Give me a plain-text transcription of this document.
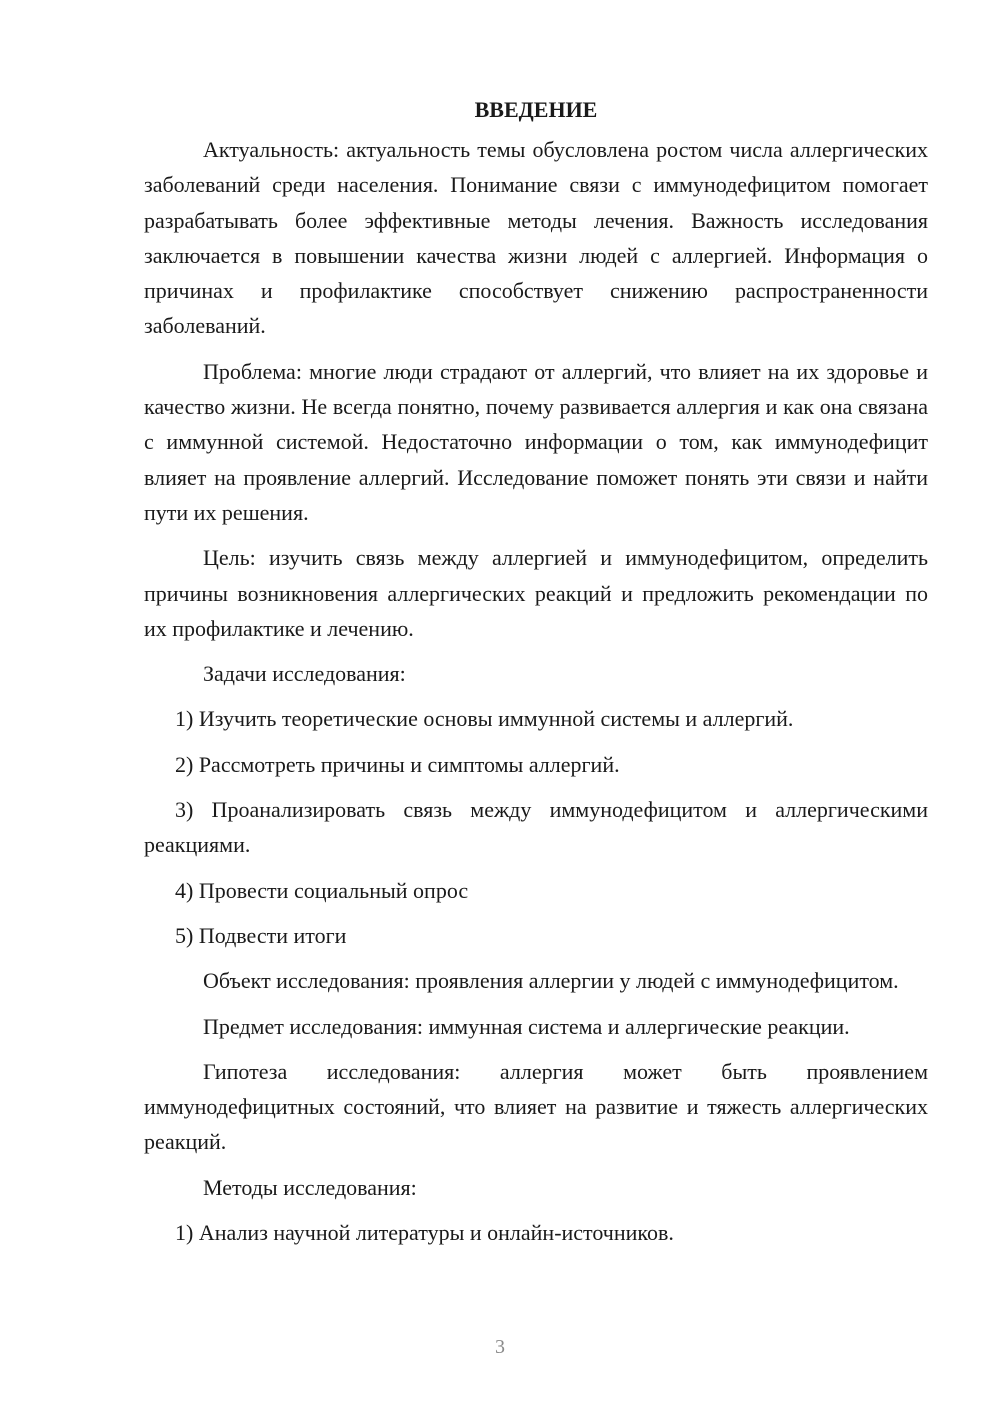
ВВЕДЕНИЕ

Актуальность: актуальность темы обусловлена ростом числа аллергических заболеваний среди населения. Понимание связи с иммунодефицитом помогает разрабатывать более эффективные методы лечения. Важность исследования заключается в повышении качества жизни людей с аллергией. Информация о причинах и профилактике способствует снижению распространенности заболеваний.

Проблема: многие люди страдают от аллергий, что влияет на их здоровье и качество жизни. Не всегда понятно, почему развивается аллергия и как она связана с иммунной системой. Недостаточно информации о том, как иммунодефицит влияет на проявление аллергий. Исследование поможет понять эти связи и найти пути их решения.

Цель: изучить связь между аллергией и иммунодефицитом, определить причины возникновения аллергических реакций и предложить рекомендации по их профилактике и лечению.

Задачи исследования:

1) Изучить теоретические основы иммунной системы и аллергий.

2) Рассмотреть причины и симптомы аллергий.

3) Проанализировать связь между иммунодефицитом и аллергическими реакциями.

4) Провести социальный опрос

5) Подвести итоги

Объект исследования: проявления аллергии у людей с иммунодефицитом.

Предмет исследования: иммунная система и аллергические реакции.

Гипотеза исследования: аллергия может быть проявлением иммунодефицитных состояний, что влияет на развитие и тяжесть аллергических реакций.

Методы исследования:

1) Анализ научной литературы и онлайн-источников.

3
